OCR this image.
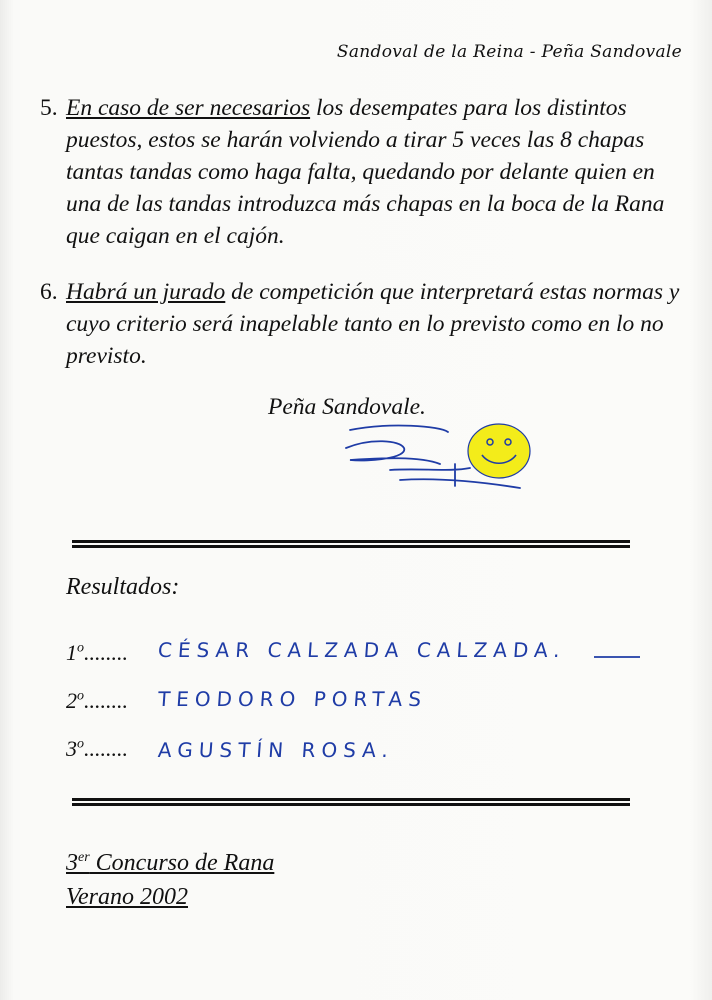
Sandoval de la Reina - Peña Sandovale
5. En caso de ser necesarios los desempates para los distintos puestos, estos se harán volviendo a tirar 5 veces las 8 chapas tantas tandas como haga falta, quedando por delante quien en una de las tandas introduzca más chapas en la boca de la Rana que caigan en el cajón.
6. Habrá un jurado de competición que interpretará estas normas y cuyo criterio será inapelable tanto en lo previsto como en lo no previsto.
Peña Sandovale.
Resultados:
1$^o$........ CÉSAR CALZADA CALZADA.
2$^o$........ TEODORO PORTAS
3$^o$........ AGUSTÍN ROSA.
3er Concurso de Rana
Verano 2002
